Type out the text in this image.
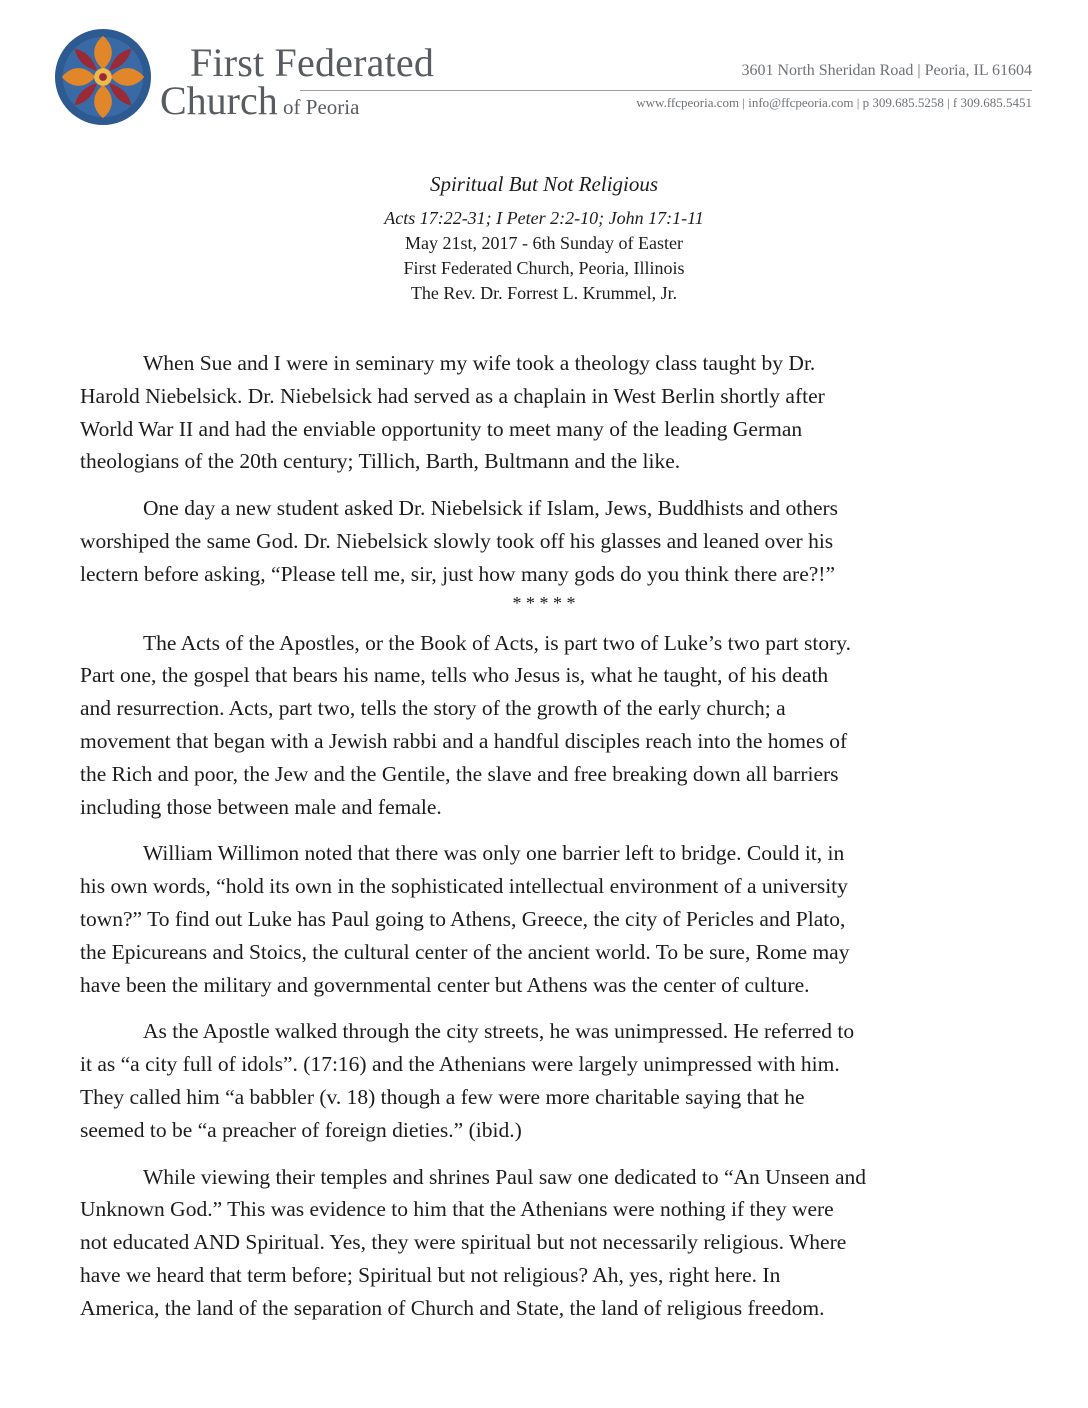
First Federated
Church of Peoria
3601 North Sheridan Road | Peoria, IL 61604
www.ffcpeoria.com | info@ffcpeoria.com | p 309.685.5258 | f 309.685.5451
Spiritual But Not Religious
Acts 17:22-31; I Peter 2:2-10; John 17:1-11
May 21st, 2017 - 6th Sunday of Easter
First Federated Church, Peoria, Illinois
The Rev. Dr. Forrest L. Krummel, Jr.
When Sue and I were in seminary my wife took a theology class taught by Dr.
Harold Niebelsick. Dr. Niebelsick had served as a chaplain in West Berlin shortly after
World War II and had the enviable opportunity to meet many of the leading German
theologians of the 20th century; Tillich, Barth, Bultmann and the like.
One day a new student asked Dr. Niebelsick if Islam, Jews, Buddhists and others
worshiped the same God. Dr. Niebelsick slowly took off his glasses and leaned over his
lectern before asking, “Please tell me, sir, just how many gods do you think there are?!”
* * * * *
The Acts of the Apostles, or the Book of Acts, is part two of Luke’s two part story.
Part one, the gospel that bears his name, tells who Jesus is, what he taught, of his death
and resurrection. Acts, part two, tells the story of the growth of the early church; a
movement that began with a Jewish rabbi and a handful disciples reach into the homes of
the Rich and poor, the Jew and the Gentile, the slave and free breaking down all barriers
including those between male and female.
William Willimon noted that there was only one barrier left to bridge. Could it, in
his own words, “hold its own in the sophisticated intellectual environment of a university
town?” To find out Luke has Paul going to Athens, Greece, the city of Pericles and Plato,
the Epicureans and Stoics, the cultural center of the ancient world. To be sure, Rome may
have been the military and governmental center but Athens was the center of culture.
As the Apostle walked through the city streets, he was unimpressed. He referred to
it as “a city full of idols”. (17:16) and the Athenians were largely unimpressed with him.
They called him “a babbler (v. 18) though a few were more charitable saying that he
seemed to be “a preacher of foreign dieties.” (ibid.)
While viewing their temples and shrines Paul saw one dedicated to “An Unseen and
Unknown God.” This was evidence to him that the Athenians were nothing if they were
not educated AND Spiritual. Yes, they were spiritual but not necessarily religious. Where
have we heard that term before; Spiritual but not religious? Ah, yes, right here. In
America, the land of the separation of Church and State, the land of religious freedom.
